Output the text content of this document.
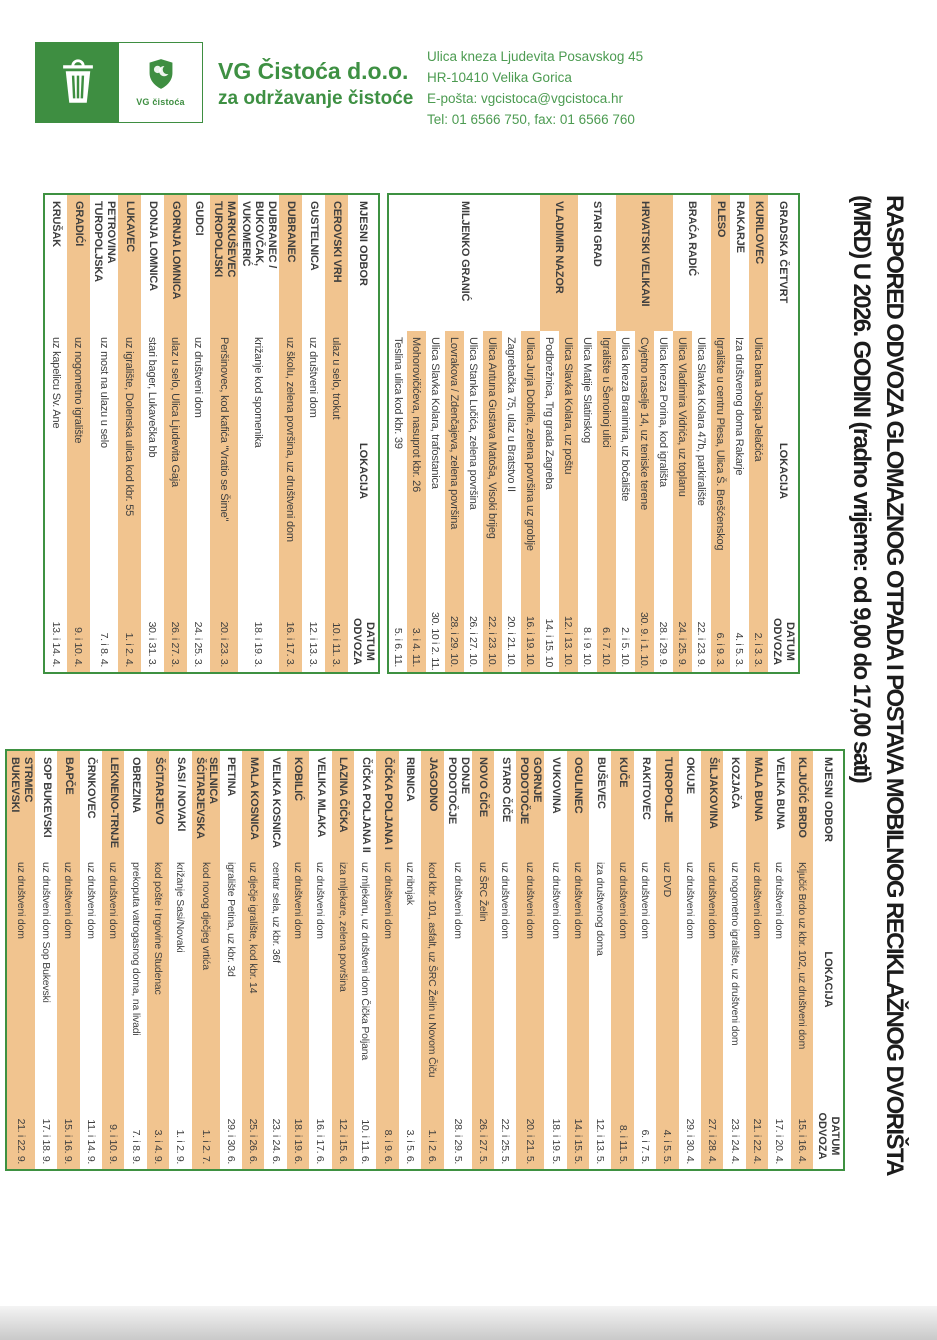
VG čistoća
VG Čistoća d.o.o.
za održavanje čistoće
Ulica kneza Ljudevita Posavskog 45
HR-10410 Velika Gorica
E-pošta: vgcistoca@vgcistoca.hr
Tel: 01 6566 750, fax: 01 6566 760
RASPORED ODVOZA GLOMAZNOG OTPADA I POSTAVA MOBILNOG RECIKLAŽNOG DVORIŠTA
(MRD) U 2026. GODINI (radno vrijeme: od 9,00 do 17,00 sati)
GRADSKA ČETVRT	LOKACIJA	DATUM ODVOZA
KURILOVEC	Ulica bana Josipa Jelačića	2. i 3. 3.
RAKARJE	Iza društvenog doma Rakarje	4. i 5. 3.
PLESO	Igralište u centru Plesa, Ulica Š. Brešćenskog	6. i 9. 3.
BRAĆA RADIĆ	Ulica Slavka Kolara 47b, parkiralište	22. i 23. 9.
	Ulica Vladimira Vidrića, uz toplanu	24. i 25. 9.
HRVATSKI VELIKANI	Ulica kneza Porina, kod igrališta	28. i 29. 9.
	Cvjetno naselje 14, uz teniske terene	30. 9. i 1. 10.
	Ulica kneza Branimira, uz bočalište	2. i 5. 10.
STARI GRAD	Igralište u Šenoinoj ulici	6. i 7. 10.
	Ulica Matije Slatinskog	8. i 9. 10.
VLADIMIR NAZOR	Ulica Slavka Kolara, uz poštu	12. i 13. 10.
	Podbrežnica, Trg grada Zagreba	14. i 15. 10
MILJENKO GRANIĆ	Ulica Jurja Dobrile, zelena površina uz groblje	16. i 19. 10.
	Zagrebačka 75, ulaz u Bratstvo II	20. i 21. 10.
	Ulica Antuna Gustava Matoša, Visoki brijeg	22. i 23. 10.
	Ulica Stanka Lučića, zelena površina	26. i 27. 10.
	Lovrakova / Zdenčajeva, zelena površina	28. i 29. 10.
	Ulica Slavka Kolara, trafostanica	30. 10 i 2. 11.
	Mohorovičićeva, nasuprot kbr. 26	3. i 4. 11.
	Teslina ulica kod kbr. 39	5. i 6. 11.
MJESNI ODBOR	LOKACIJA	DATUM ODVOZA
CEROVSKI VRH	ulaz u selo, trokut	10. i 11. 3.
GUSTELNICA	uz društveni dom	12. i 13. 3.
DUBRANEC	uz školu, zelena površina, uz društveni dom	16. i 17. 3.
DUBRANEC / BUKOVČAK, VUKOMERIĆ	križanje kod spomenika	18. i 19. 3.
MARKUŠEVEC TUROPOLJSKI	Peršinovec, kod kafića "Vratio se Šime"	20. i 23. 3.
GUDCI	uz društveni dom	24. i 25. 3.
GORNJA LOMNICA	ulaz u selo, Ulica Ljudevita Gaja	26. i 27. 3.
DONJA LOMNICA	stari bager, Lukavečka bb	30. i 31. 3.
LUKAVEC	uz igralište, Dolenska ulica kod kbr. 55	1. i 2. 4.
PETROVINA TUROPOLJSKA	uz most na ulazu u selo	7. i 8. 4.
GRADIĆI	uz nogometno igralište	9. i 10. 4.
KRUŠAK	uz kapelicu Sv. Ane	13. i 14. 4.
MJESNI ODBOR	LOKACIJA	DATUM ODVOZA
KLJUČIĆ BRDO	Ključić Brdo uz kbr. 102, uz društveni dom	15. i 16. 4.
VELIKA BUNA	uz društveni dom	17. i 20. 4.
MALA BUNA	uz društveni dom	21. i 22. 4.
KOZJAČA	uz nogometno igralište, uz društveni dom	23. i 24. 4.
ŠILJAKOVINA	uz društveni dom	27. i 28. 4.
OKUJE	uz društveni dom	29. i 30. 4.
TUROPOLJE	uz DVD	4. i 5. 5.
RAKITOVEC	uz društveni dom	6. i 7. 5.
KUČE	uz društveni dom	8. i 11. 5.
BUŠEVEC	iza društvenog doma	12. i 13. 5.
OGULINEC	uz društveni dom	14. i 15. 5.
VUKOVINA	uz društveni dom	18. i 19. 5.
GORNJE PODOTOČJE	uz društveni dom	20. i 21. 5.
STARO ČIČE	uz društveni dom	22. i 25. 5.
NOVO ČIČE	uz ŠRC Želin	26. i 27. 5.
DONJE PODOTOČJE	uz društveni dom	28. i 29. 5.
JAGODNO	kod kbr. 101, asfalt, uz ŠRC Želin u Novom Čiču	1. i 2. 6.
RIBNICA	uz ribnjak	3. i 5. 6.
ČIČKA POLJANA I	uz društveni dom	8. i 9. 6.
ČIČKA POLJANA II	uz mljekaru, uz društveni dom Čička Poljana	10. i 11. 6.
LAZINA ČIČKA	iza mljekare, zelena površina	12. i 15. 6.
VELIKA MLAKA	uz društveni dom	16. i 17. 6.
KOBILIĆ	uz društveni dom	18. i 19. 6.
VELIKA KOSNICA	centar sela, uz kbr. 36f	23. i 24. 6.
MALA KOSNICA	uz dječje igralište, kod kbr. 14	25. i 26. 6.
PETINA	igralište Petina, uz kbr. 3d	29. i 30. 6.
SELNICA ŠĆITARJEVSKA	kod novog dječjeg vrtića	1. i 2. 7.
SASI / NOVAKI	križanje Sasi/Novaki	1. i 2. 9.
ŠĆITARJEVO	kod pošte i trgovine Studenac	3. i 4. 9.
OBREZINA	prekoputa vatrogasnog doma, na livadi	7. i 8. 9.
LEKNENO-TRNJE	uz društveni dom	9. i 10. 9.
ČRNKOVEC	uz društveni dom	11. i 14. 9.
BAPČE	uz društveni dom	15. i 16. 9.
SOP BUKEVSKI	uz društveni dom Sop Bukevski	17. i 18. 9.
STRMEC BUKEVSKI	uz društveni dom	21. i 22. 9.
